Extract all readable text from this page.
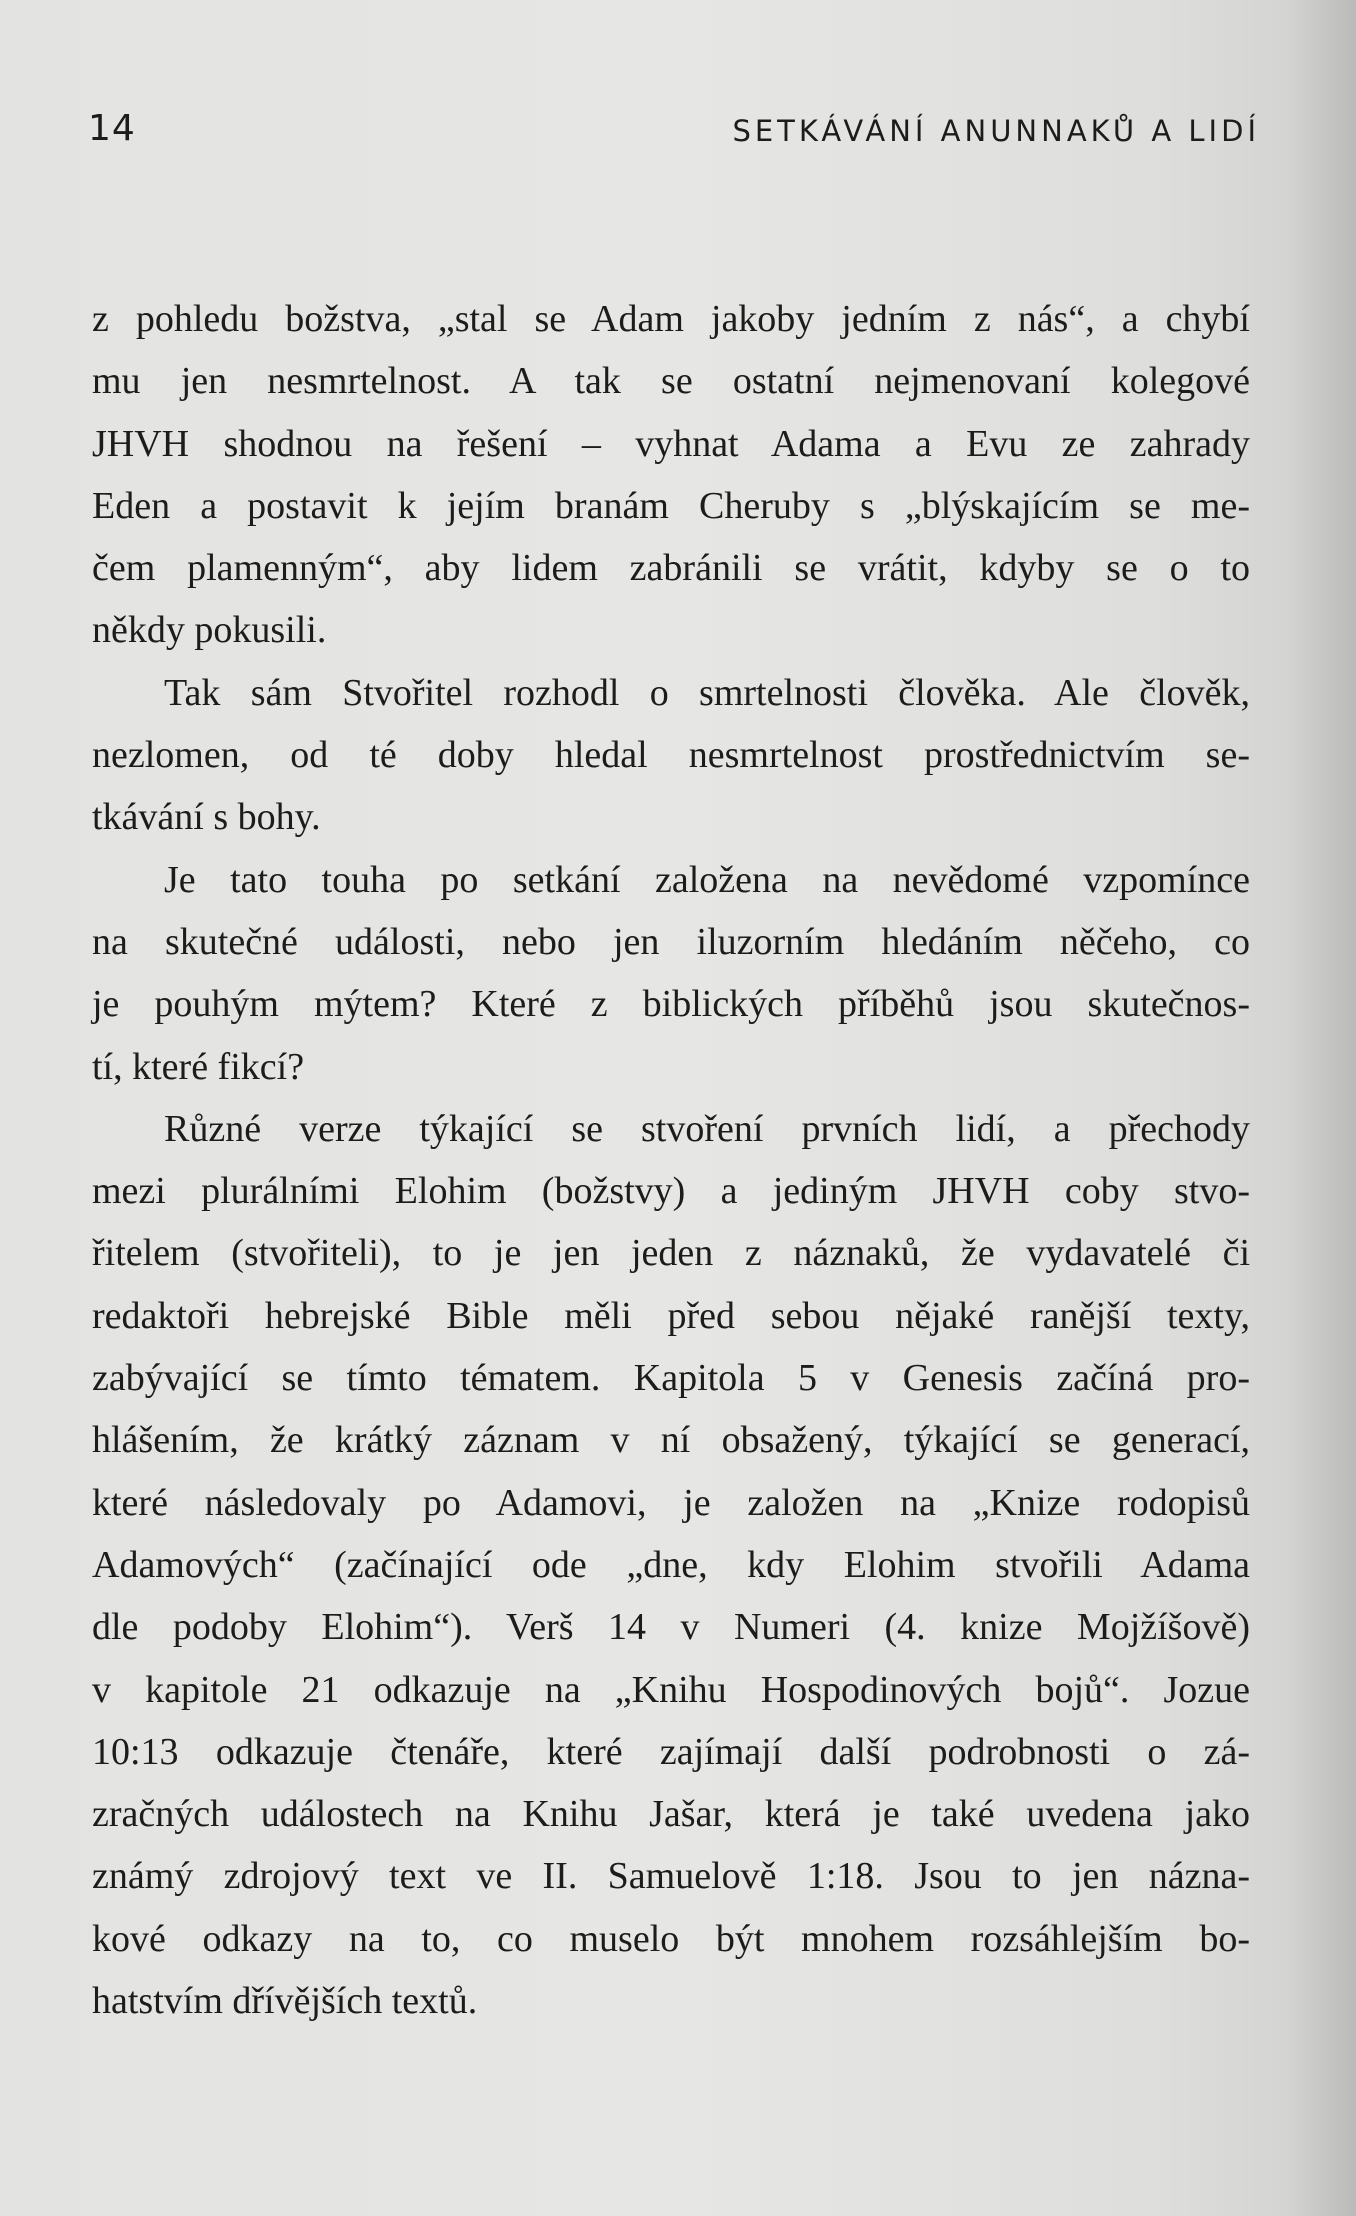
14	SETKÁVÁNÍ ANUNNAKŮ A LIDÍ
z pohledu božstva, „stal se Adam jakoby jedním z nás“, a chybí
mu jen nesmrtelnost. A tak se ostatní nejmenovaní kolegové
JHVH shodnou na řešení – vyhnat Adama a Evu ze zahrady
Eden a postavit k jejím branám Cheruby s „blýskajícím se me-
čem plamenným“, aby lidem zabránili se vrátit, kdyby se o to
někdy pokusili.
Tak sám Stvořitel rozhodl o smrtelnosti člověka. Ale člověk,
nezlomen, od té doby hledal nesmrtelnost prostřednictvím se-
tkávání s bohy.
Je tato touha po setkání založena na nevědomé vzpomínce
na skutečné události, nebo jen iluzorním hledáním něčeho, co
je pouhým mýtem? Které z biblických příběhů jsou skutečnos-
tí, které fikcí?
Různé verze týkající se stvoření prvních lidí, a přechody
mezi plurálními Elohim (božstvy) a jediným JHVH coby stvo-
řitelem (stvořiteli), to je jen jeden z náznaků, že vydavatelé či
redaktoři hebrejské Bible měli před sebou nějaké ranější texty,
zabývající se tímto tématem. Kapitola 5 v Genesis začíná pro-
hlášením, že krátký záznam v ní obsažený, týkající se generací,
které následovaly po Adamovi, je založen na „Knize rodopisů
Adamových“ (začínající ode „dne, kdy Elohim stvořili Adama
dle podoby Elohim“). Verš 14 v Numeri (4. knize Mojžíšově)
v kapitole 21 odkazuje na „Knihu Hospodinových bojů“. Jozue
10:13 odkazuje čtenáře, které zajímají další podrobnosti o zá-
zračných událostech na Knihu Jašar, která je také uvedena jako
známý zdrojový text ve II. Samuelově 1:18. Jsou to jen názna-
kové odkazy na to, co muselo být mnohem rozsáhlejším bo-
hatstvím dřívějších textů.
